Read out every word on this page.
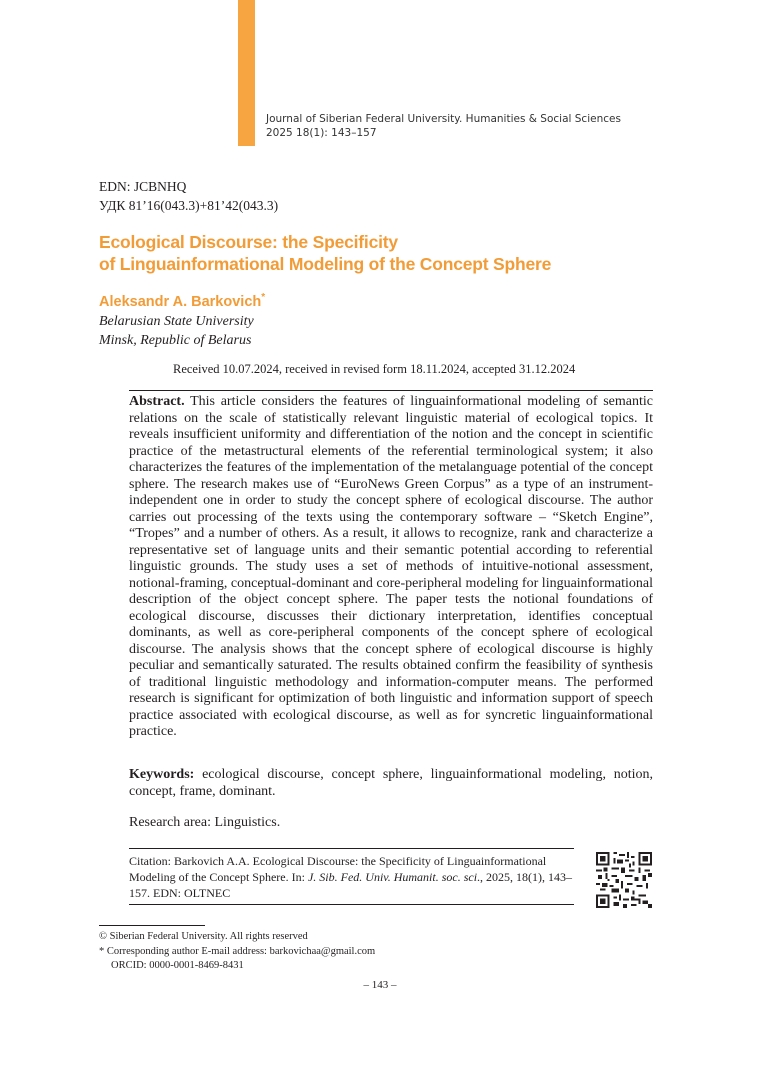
Journal of Siberian Federal University. Humanities & Social Sciences
2025 18(1): 143–157
EDN: JCBNHQ
УДК 81’16(043.3)+81’42(043.3)
Ecological Discourse: the Specificity
of Linguainformational Modeling of the Concept Sphere
Aleksandr A. Barkovich*
Belarusian State University
Minsk, Republic of Belarus
Received 10.07.2024, received in revised form 18.11.2024, accepted 31.12.2024
Abstract. This article considers the features of linguainformational modeling of semantic relations on the scale of statistically relevant linguistic material of ecological topics. It reveals insufficient uniformity and differentiation of the notion and the concept in scientific practice of the metastructural elements of the referential terminological system; it also characterizes the features of the implementation of the metalanguage potential of the concept sphere. The research makes use of “EuroNews Green Corpus” as a type of an instrument-independent one in order to study the concept sphere of ecological discourse. The author carries out processing of the texts using the contemporary software – “Sketch Engine”, “Tropes” and a number of others. As a result, it allows to recognize, rank and characterize a representative set of language units and their semantic potential according to referential linguistic grounds. The study uses a set of methods of intuitive-notional assessment, notional-framing, conceptual-dominant and core-peripheral modeling for linguainformational description of the object concept sphere. The paper tests the notional foundations of ecological discourse, discusses their dictionary interpretation, identifies conceptual dominants, as well as core-peripheral components of the concept sphere of ecological discourse. The analysis shows that the concept sphere of ecological discourse is highly peculiar and semantically saturated. The results obtained confirm the feasibility of synthesis of traditional linguistic methodology and information-computer means. The performed research is significant for optimization of both linguistic and information support of speech practice associated with ecological discourse, as well as for syncretic linguainformational practice.
Keywords: ecological discourse, concept sphere, linguainformational modeling, notion, concept, frame, dominant.
Research area: Linguistics.
Citation: Barkovich A.A. Ecological Discourse: the Specificity of Linguainformational Modeling of the Concept Sphere. In: J. Sib. Fed. Univ. Humanit. soc. sci., 2025, 18(1), 143–157. EDN: OLTNEC
© Siberian Federal University. All rights reserved
* Corresponding author E-mail address: barkovichaa@gmail.com
ORCID: 0000-0001-8469-8431
– 143 –
